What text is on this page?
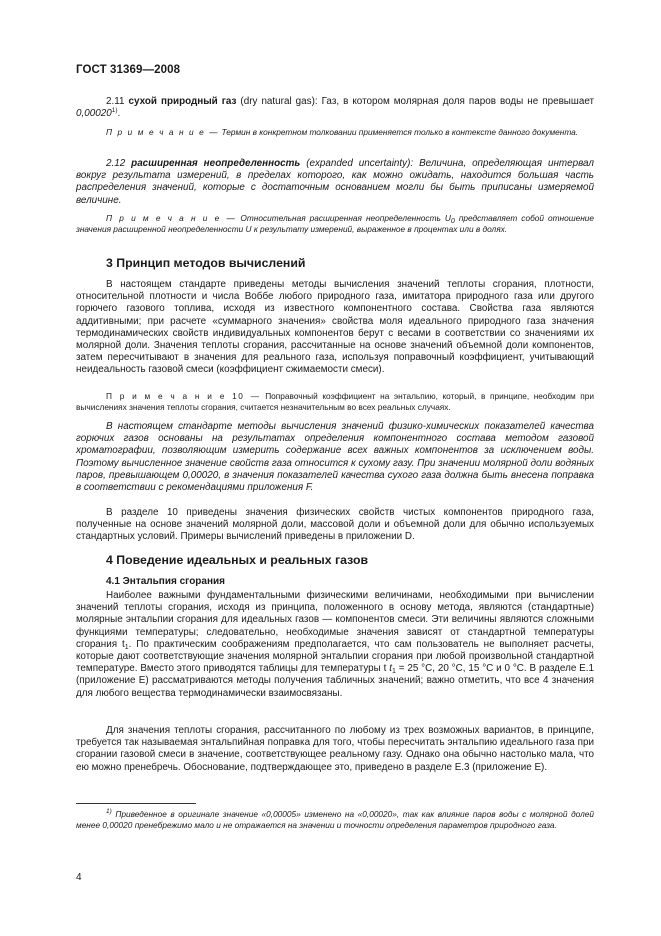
ГОСТ 31369—2008

2.11 сухой природный газ (dry natural gas): Газ, в котором молярная доля паров воды не превышает 0,00020$^{1)}$.

П р и м е ч а н и е — Термин в конкретном толковании применяется только в контексте данного документа.

2.12 расширенная неопределенность (expanded uncertainty): Величина, определяющая интервал вокруг результата измерений, в пределах которого, как можно ожидать, находится большая часть распределения значений, которые с достаточным основанием могли бы быть приписаны измеряемой величине.

П р и м е ч а н и е — Относительная расширенная неопределенность $U_0$ представляет собой отношение значения расширенной неопределенности U к результату измерений, выраженное в процентах или в долях.

3 Принцип методов вычислений

В настоящем стандарте приведены методы вычисления значений теплоты сгорания, плотности, относительной плотности и числа Воббе любого природного газа, имитатора природного газа или другого горючего газового топлива, исходя из известного компонентного состава. Свойства газа являются аддитивными; при расчете «суммарного значения» свойства моля идеального природного газа значения термодинамических свойств индивидуальных компонентов берут с весами в соответствии со значениями их молярной доли. Значения теплоты сгорания, рассчитанные на основе значений объемной доли компонентов, затем пересчитывают в значения для реального газа, используя поправочный коэффициент, учитывающий неидеальность газовой смеси (коэффициент сжимаемости смеси).

П р и м е ч а н и е 10 — Поправочный коэффициент на энтальпию, который, в принципе, необходим при вычислениях значения теплоты сгорания, считается незначительным во всех реальных случаях.

В настоящем стандарте методы вычисления значений физико-химических показателей качества горючих газов основаны на результатах определения компонентного состава методом газовой хроматографии, позволяющим измерить содержание всех важных компонентов за исключением воды. Поэтому вычисленное значение свойств газа относится к сухому газу. При значении молярной доли водяных паров, превышающем 0,00020, в значения показателей качества сухого газа должна быть внесена поправка в соответствии с рекомендациями приложения F.

В разделе 10 приведены значения физических свойств чистых компонентов природного газа, полученные на основе значений молярной доли, массовой доли и объемной доли для обычно используемых стандартных условий. Примеры вычислений приведены в приложении D.

4 Поведение идеальных и реальных газов
4.1 Энтальпия сгорания

Наиболее важными фундаментальными физическими величинами, необходимыми при вычислении значений теплоты сгорания, исходя из принципа, положенного в основу метода, являются (стандартные) молярные энтальпии сгорания для идеальных газов — компонентов смеси. Эти величины являются сложными функциями температуры; следовательно, необходимые значения зависят от стандартной температуры сгорания $t_1$. По практическим соображениям предполагается, что сам пользователь не выполняет расчеты, которые дают соответствующие значения молярной энтальпии сгорания при любой произвольной стандартной температуре. Вместо этого приводятся таблицы для температуры t $t_1 = 25$ °C, 20 °C, 15 °C и 0 °C. В разделе Е.1 (приложение Е) рассматриваются методы получения табличных значений; важно отметить, что все 4 значения для любого вещества термодинамически взаимосвязаны.

Для значения теплоты сгорания, рассчитанного по любому из трех возможных вариантов, в принципе, требуется так называемая энтальпийная поправка для того, чтобы пересчитать энтальпию идеального газа при сгорании газовой смеси в значение, соответствующее реальному газу. Однако она обычно настолько мала, что ею можно пренебречь. Обоснование, подтверждающее это, приведено в разделе Е.3 (приложение Е).

$^{1)}$ Приведенное в оригинале значение «0,00005» изменено на «0,00020», так как влияние паров воды с молярной долей менее 0,00020 пренебрежимо мало и не отражается на значении и точности определения параметров природного газа.

4
